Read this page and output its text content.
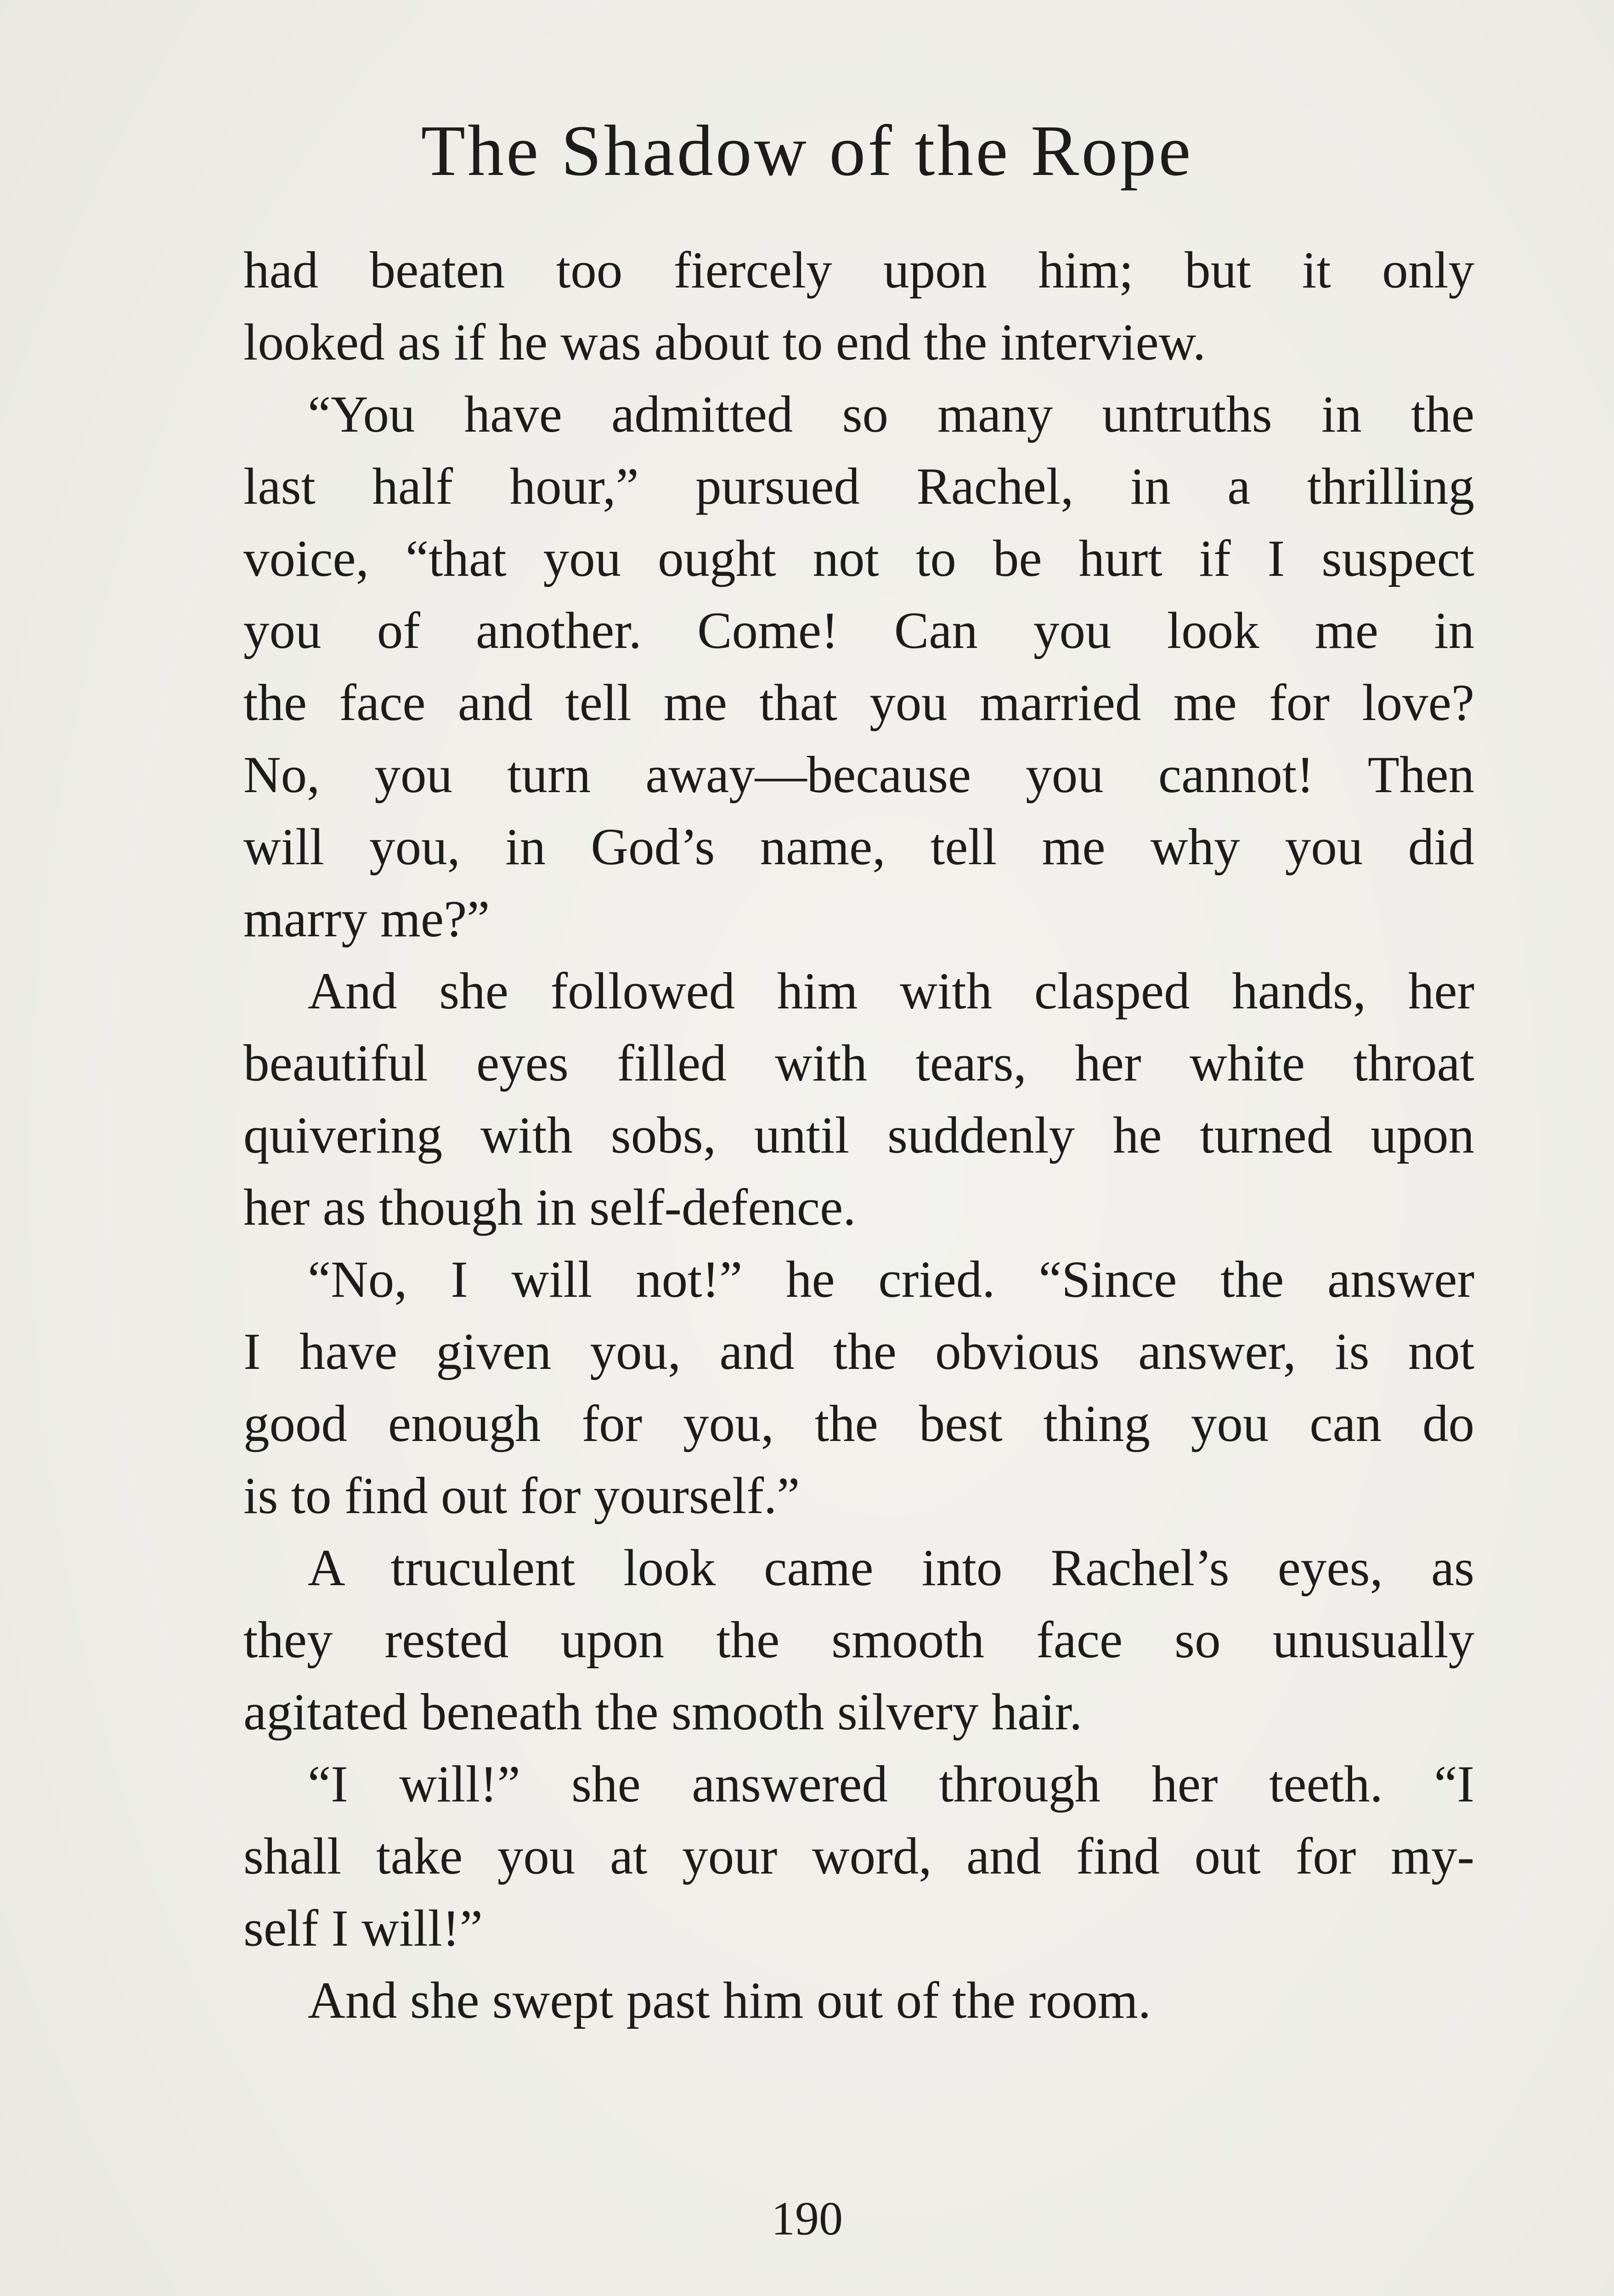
The Shadow of the Rope
had beaten too fiercely upon him; but it only
looked as if he was about to end the interview.
“You have admitted so many untruths in the
last half hour,” pursued Rachel, in a thrilling
voice, “that you ought not to be hurt if I suspect
you of another. Come! Can you look me in
the face and tell me that you married me for love?
No, you turn away—because you cannot! Then
will you, in God’s name, tell me why you did
marry me?”
And she followed him with clasped hands, her
beautiful eyes filled with tears, her white throat
quivering with sobs, until suddenly he turned upon
her as though in self-defence.
“No, I will not!” he cried. “Since the answer
I have given you, and the obvious answer, is not
good enough for you, the best thing you can do
is to find out for yourself.”
A truculent look came into Rachel’s eyes, as
they rested upon the smooth face so unusually
agitated beneath the smooth silvery hair.
“I will!” she answered through her teeth. “I
shall take you at your word, and find out for my-
self I will!”
And she swept past him out of the room.
190
